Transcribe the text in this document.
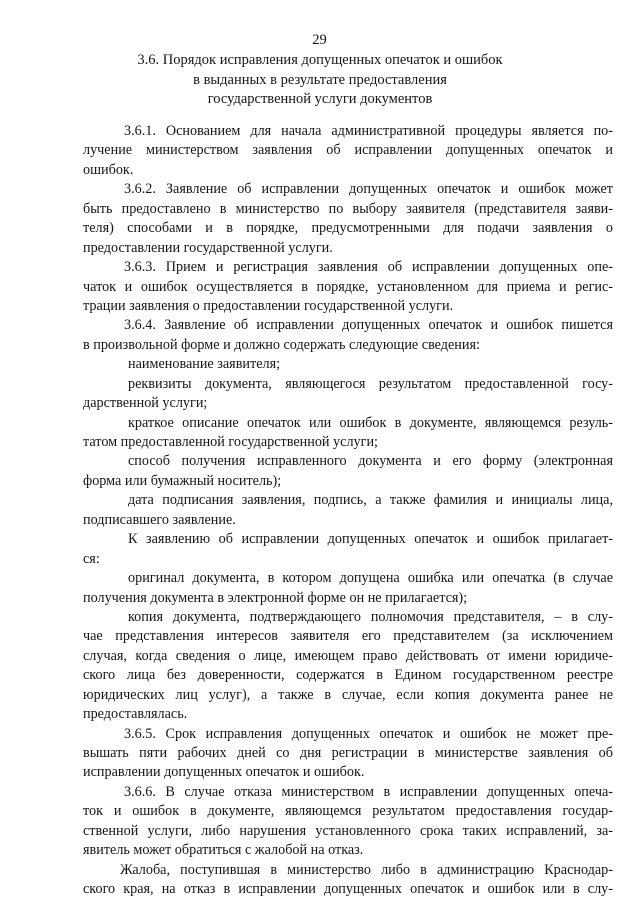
29
3.6. Порядок исправления допущенных опечаток и ошибок
в выданных в результате предоставления
государственной услуги документов
3.6.1. Основанием для начала административной процедуры является по-
лучение министерством заявления об исправлении допущенных опечаток и
ошибок.
3.6.2. Заявление об исправлении допущенных опечаток и ошибок может
быть предоставлено в министерство по выбору заявителя (представителя заяви-
теля) способами и в порядке, предусмотренными для подачи заявления о
предоставлении государственной услуги.
3.6.3. Прием и регистрация заявления об исправлении допущенных опе-
чаток и ошибок осуществляется в порядке, установленном для приема и регис-
трации заявления о предоставлении государственной услуги.
3.6.4. Заявление об исправлении допущенных опечаток и ошибок пишется
в произвольной форме и должно содержать следующие сведения:
наименование заявителя;
реквизиты документа, являющегося результатом предоставленной госу-
дарственной услуги;
краткое описание опечаток или ошибок в документе, являющемся резуль-
татом предоставленной государственной услуги;
способ получения исправленного документа и его форму (электронная
форма или бумажный носитель);
дата подписания заявления, подпись, а также фамилия и инициалы лица,
подписавшего заявление.
К заявлению об исправлении допущенных опечаток и ошибок прилагает-
ся:
оригинал документа, в котором допущена ошибка или опечатка (в случае
получения документа в электронной форме он не прилагается);
копия документа, подтверждающего полномочия представителя, – в слу-
чае представления интересов заявителя его представителем (за исключением
случая, когда сведения о лице, имеющем право действовать от имени юридиче-
ского лица без доверенности, содержатся в Едином государственном реестре
юридических лиц услуг), а также в случае, если копия документа ранее не
предоставлялась.
3.6.5. Срок исправления допущенных опечаток и ошибок не может пре-
вышать пяти рабочих дней со дня регистрации в министерстве заявления об
исправлении допущенных опечаток и ошибок.
3.6.6. В случае отказа министерством в исправлении допущенных опеча-
ток и ошибок в документе, являющемся результатом предоставления государ-
ственной услуги, либо нарушения установленного срока таких исправлений, за-
явитель может обратиться с жалобой на отказ.
Жалоба, поступившая в министерство либо в администрацию Краснодар-
ского края, на отказ в исправлении допущенных опечаток и ошибок или в слу-
